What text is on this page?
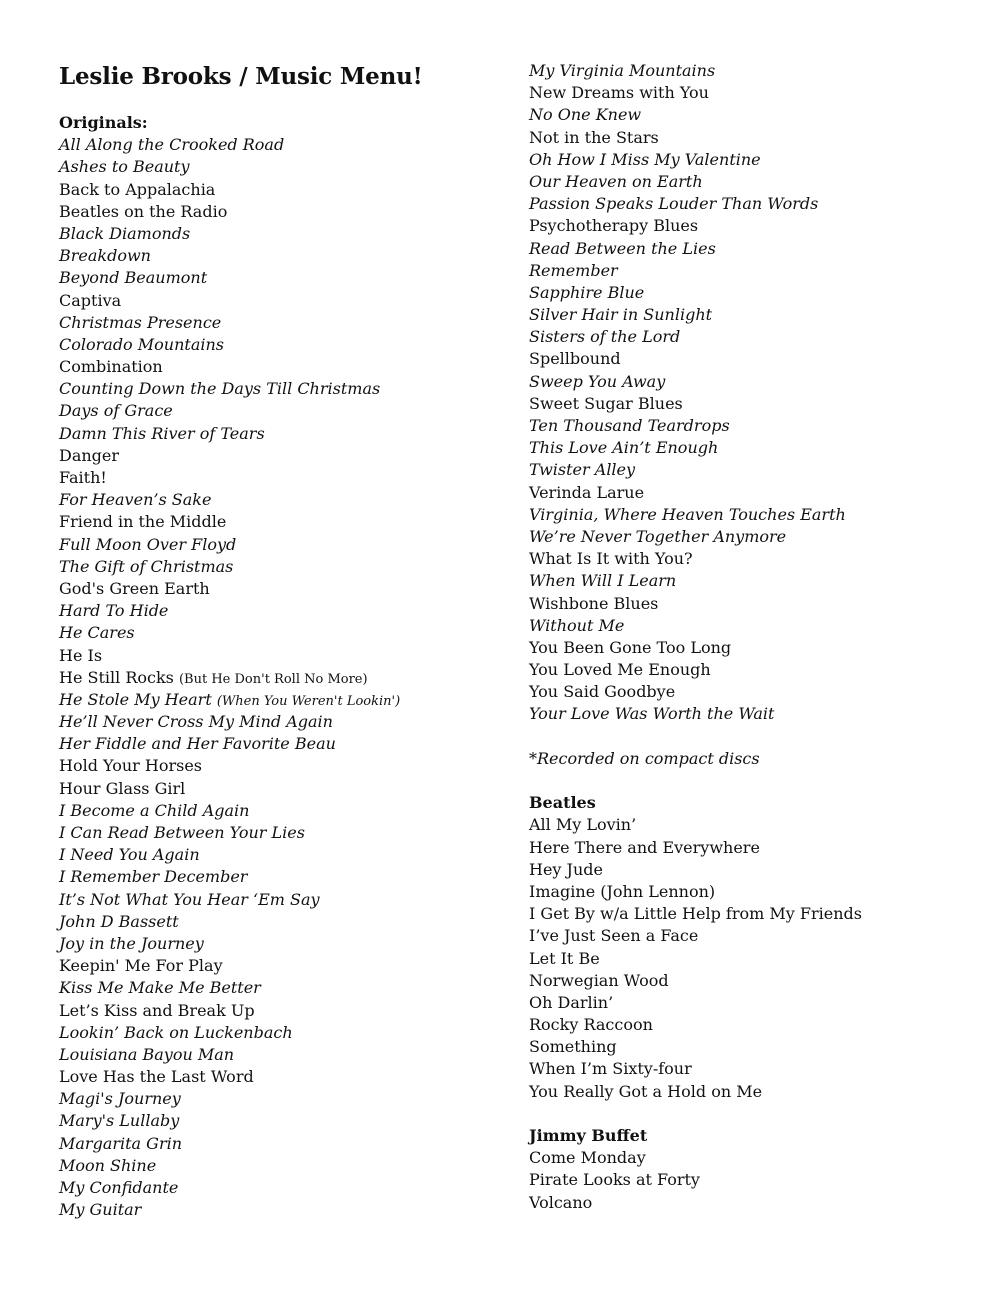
Leslie Brooks / Music Menu!
Originals:
All Along the Crooked Road
Ashes to Beauty
Back to Appalachia
Beatles on the Radio
Black Diamonds
Breakdown
Beyond Beaumont
Captiva
Christmas Presence
Colorado Mountains
Combination
Counting Down the Days Till Christmas
Days of Grace
Damn This River of Tears
Danger
Faith!
For Heaven’s Sake
Friend in the Middle
Full Moon Over Floyd
The Gift of Christmas
God's Green Earth
Hard To Hide
He Cares
He Is
He Still Rocks (But He Don't Roll No More)
He Stole My Heart (When You Weren't Lookin')
He’ll Never Cross My Mind Again
Her Fiddle and Her Favorite Beau
Hold Your Horses
Hour Glass Girl
I Become a Child Again
I Can Read Between Your Lies
I Need You Again
I Remember December
It’s Not What You Hear ‘Em Say
John D Bassett
Joy in the Journey
Keepin' Me For Play
Kiss Me Make Me Better
Let’s Kiss and Break Up
Lookin’ Back on Luckenbach
Louisiana Bayou Man
Love Has the Last Word
Magi's Journey
Mary's Lullaby
Margarita Grin
Moon Shine
My Confidante
My Guitar
My Virginia Mountains
New Dreams with You
No One Knew
Not in the Stars
Oh How I Miss My Valentine
Our Heaven on Earth
Passion Speaks Louder Than Words
Psychotherapy Blues
Read Between the Lies
Remember
Sapphire Blue
Silver Hair in Sunlight
Sisters of the Lord
Spellbound
Sweep You Away
Sweet Sugar Blues
Ten Thousand Teardrops
This Love Ain’t Enough
Twister Alley
Verinda Larue
Virginia, Where Heaven Touches Earth
We’re Never Together Anymore
What Is It with You?
When Will I Learn
Wishbone Blues
Without Me
You Been Gone Too Long
You Loved Me Enough
You Said Goodbye
Your Love Was Worth the Wait
*Recorded on compact discs
Beatles
All My Lovin’
Here There and Everywhere
Hey Jude
Imagine (John Lennon)
I Get By w/a Little Help from My Friends
I’ve Just Seen a Face
Let It Be
Norwegian Wood
Oh Darlin’
Rocky Raccoon
Something
When I’m Sixty-four
You Really Got a Hold on Me
Jimmy Buffet
Come Monday
Pirate Looks at Forty
Volcano
